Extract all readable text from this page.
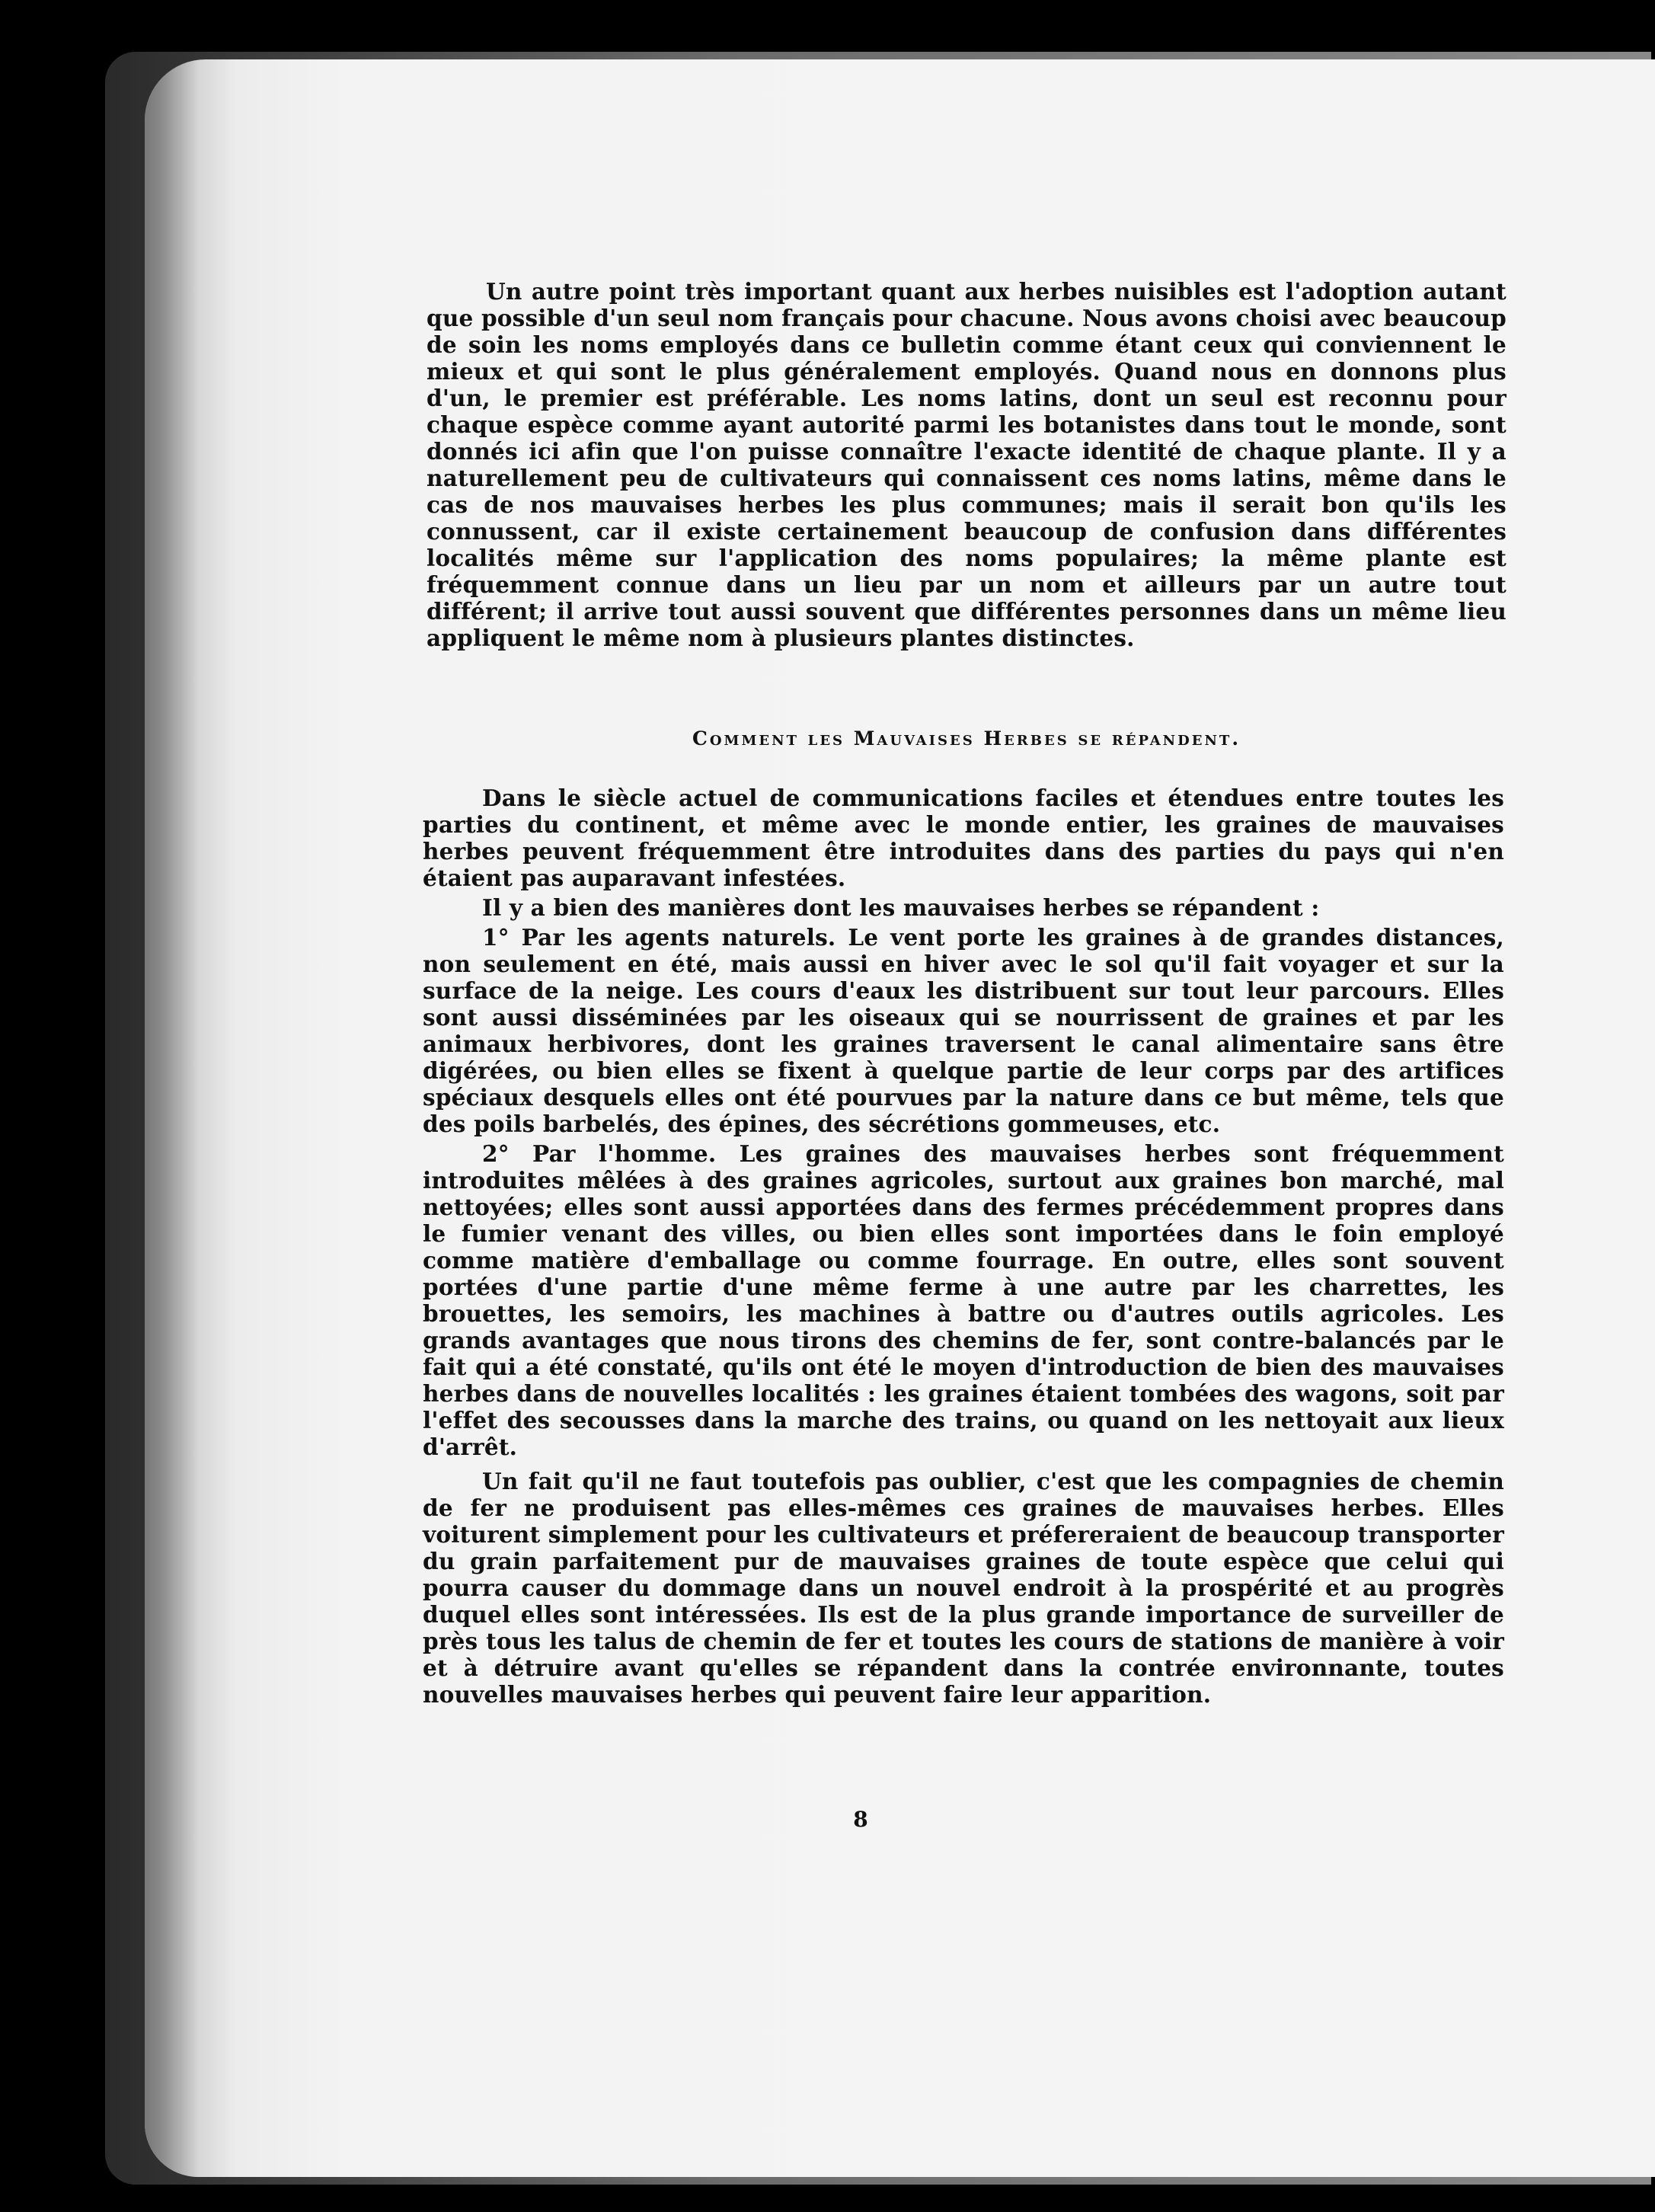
Un autre point très important quant aux herbes nuisibles est l'adoption autant que possible d'un seul nom français pour chacune. Nous avons choisi avec beaucoup de soin les noms employés dans ce bulletin comme étant ceux qui conviennent le mieux et qui sont le plus généralement employés. Quand nous en donnons plus d'un, le premier est préférable. Les noms latins, dont un seul est reconnu pour chaque espèce comme ayant autorité parmi les botanistes dans tout le monde, sont donnés ici afin que l'on puisse connaître l'exacte identité de chaque plante. Il y a naturellement peu de cultivateurs qui connaissent ces noms latins, même dans le cas de nos mauvaises herbes les plus communes; mais il serait bon qu'ils les connussent, car il existe certainement beaucoup de confusion dans différentes localités même sur l'application des noms populaires; la même plante est fréquemment connue dans un lieu par un nom et ailleurs par un autre tout différent; il arrive tout aussi souvent que différentes personnes dans un même lieu appliquent le même nom à plusieurs plantes distinctes.

Comment les Mauvaises Herbes se répandent.

Dans le siècle actuel de communications faciles et étendues entre toutes les parties du continent, et même avec le monde entier, les graines de mauvaises herbes peuvent fréquemment être introduites dans des parties du pays qui n'en étaient pas auparavant infestées.

Il y a bien des manières dont les mauvaises herbes se répandent :

1° Par les agents naturels. Le vent porte les graines à de grandes distances, non seulement en été, mais aussi en hiver avec le sol qu'il fait voyager et sur la surface de la neige. Les cours d'eaux les distribuent sur tout leur parcours. Elles sont aussi disséminées par les oiseaux qui se nourrissent de graines et par les animaux herbivores, dont les graines traversent le canal alimentaire sans être digérées, ou bien elles se fixent à quelque partie de leur corps par des artifices spéciaux desquels elles ont été pourvues par la nature dans ce but même, tels que des poils barbelés, des épines, des sécrétions gommeuses, etc.

2° Par l'homme. Les graines des mauvaises herbes sont fréquemment introduites mêlées à des graines agricoles, surtout aux graines bon marché, mal nettoyées; elles sont aussi apportées dans des fermes précédemment propres dans le fumier venant des villes, ou bien elles sont importées dans le foin employé comme matière d'emballage ou comme fourrage. En outre, elles sont souvent portées d'une partie d'une même ferme à une autre par les charrettes, les brouettes, les semoirs, les machines à battre ou d'autres outils agricoles. Les grands avantages que nous tirons des chemins de fer, sont contre-balancés par le fait qui a été constaté, qu'ils ont été le moyen d'introduction de bien des mauvaises herbes dans de nouvelles localités : les graines étaient tombées des wagons, soit par l'effet des secousses dans la marche des trains, ou quand on les nettoyait aux lieux d'arrêt.

Un fait qu'il ne faut toutefois pas oublier, c'est que les compagnies de chemin de fer ne produisent pas elles-mêmes ces graines de mauvaises herbes. Elles voiturent simplement pour les cultivateurs et préfereraient de beaucoup transporter du grain parfaitement pur de mauvaises graines de toute espèce que celui qui pourra causer du dommage dans un nouvel endroit à la prospérité et au progrès duquel elles sont intéressées. Ils est de la plus grande importance de surveiller de près tous les talus de chemin de fer et toutes les cours de stations de manière à voir et à détruire avant qu'elles se répandent dans la contrée environnante, toutes nouvelles mauvaises herbes qui peuvent faire leur apparition.

8
